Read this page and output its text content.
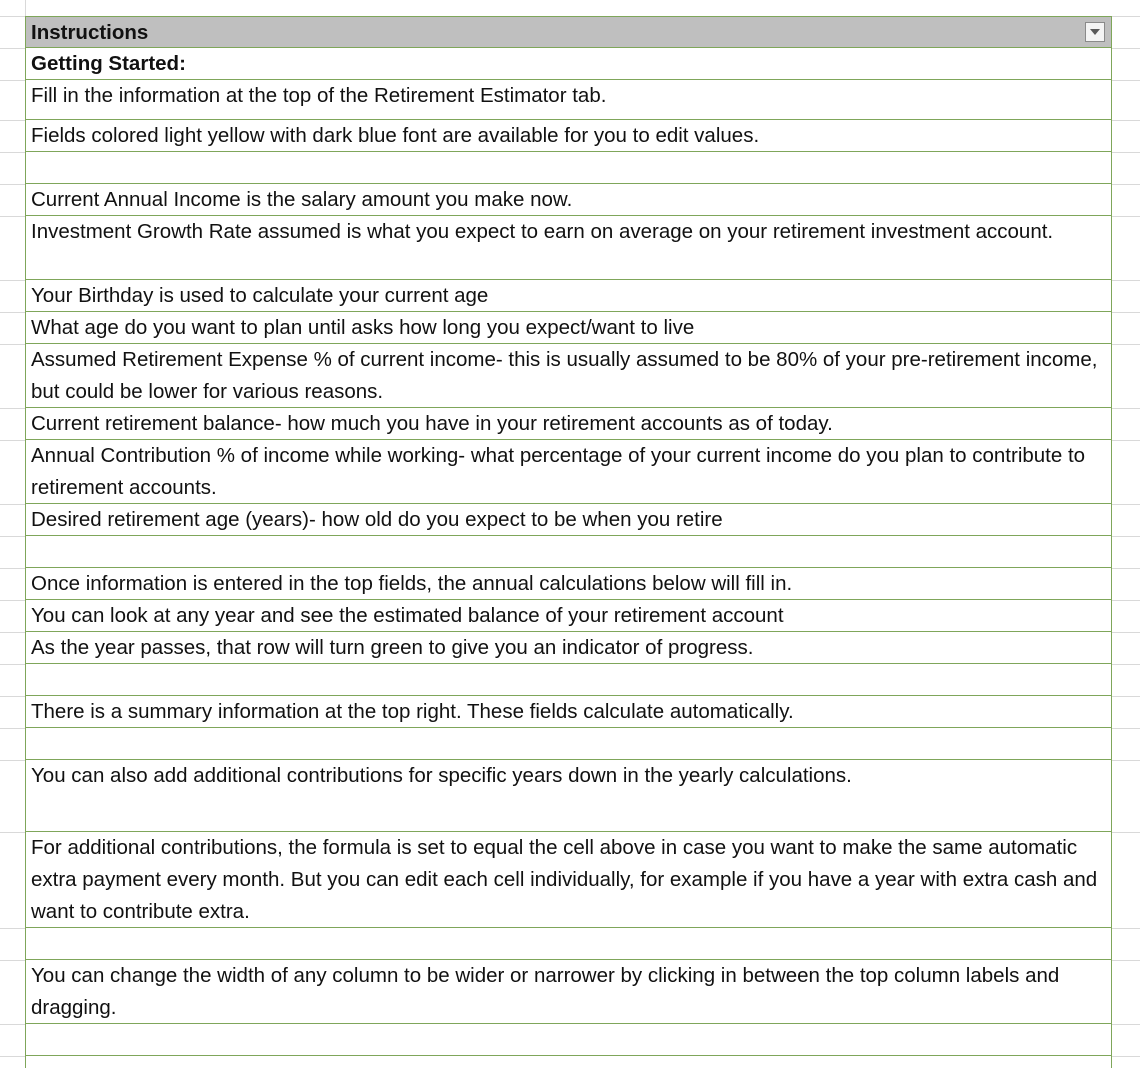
Instructions
Getting Started:
Fill in the information at the top of the Retirement Estimator tab.
Fields colored light yellow with dark blue font are available for you to edit values.
Current Annual Income is the salary amount you make now.
Investment Growth Rate assumed is what you expect to earn on average on your retirement investment account.
Your Birthday is used to calculate your current age
What age do you want to plan until asks how long you expect/want to live
Assumed Retirement Expense % of current income- this is usually assumed to be 80% of your pre-retirement income, but could be lower for various reasons.
Current retirement balance- how much you have in your retirement accounts as of today.
Annual Contribution % of income while working- what percentage of your current income do you plan to contribute to retirement accounts.
Desired retirement age (years)- how old do you expect to be when you retire
Once information is entered in the top fields, the annual calculations below will fill in.
You can look at any year and see the estimated balance of your retirement account
As the year passes, that row will turn green to give you an indicator of progress.
There is a summary information at the top right. These fields calculate automatically.
You can also add additional contributions for specific years down in the yearly calculations.
For additional contributions, the formula is set to equal the cell above in case you want to make the same automatic extra payment every month. But you can edit each cell individually, for example if you have a year with extra cash and want to contribute extra.
You can change the width of any column to be wider or narrower by clicking in between the top column labels and dragging.
